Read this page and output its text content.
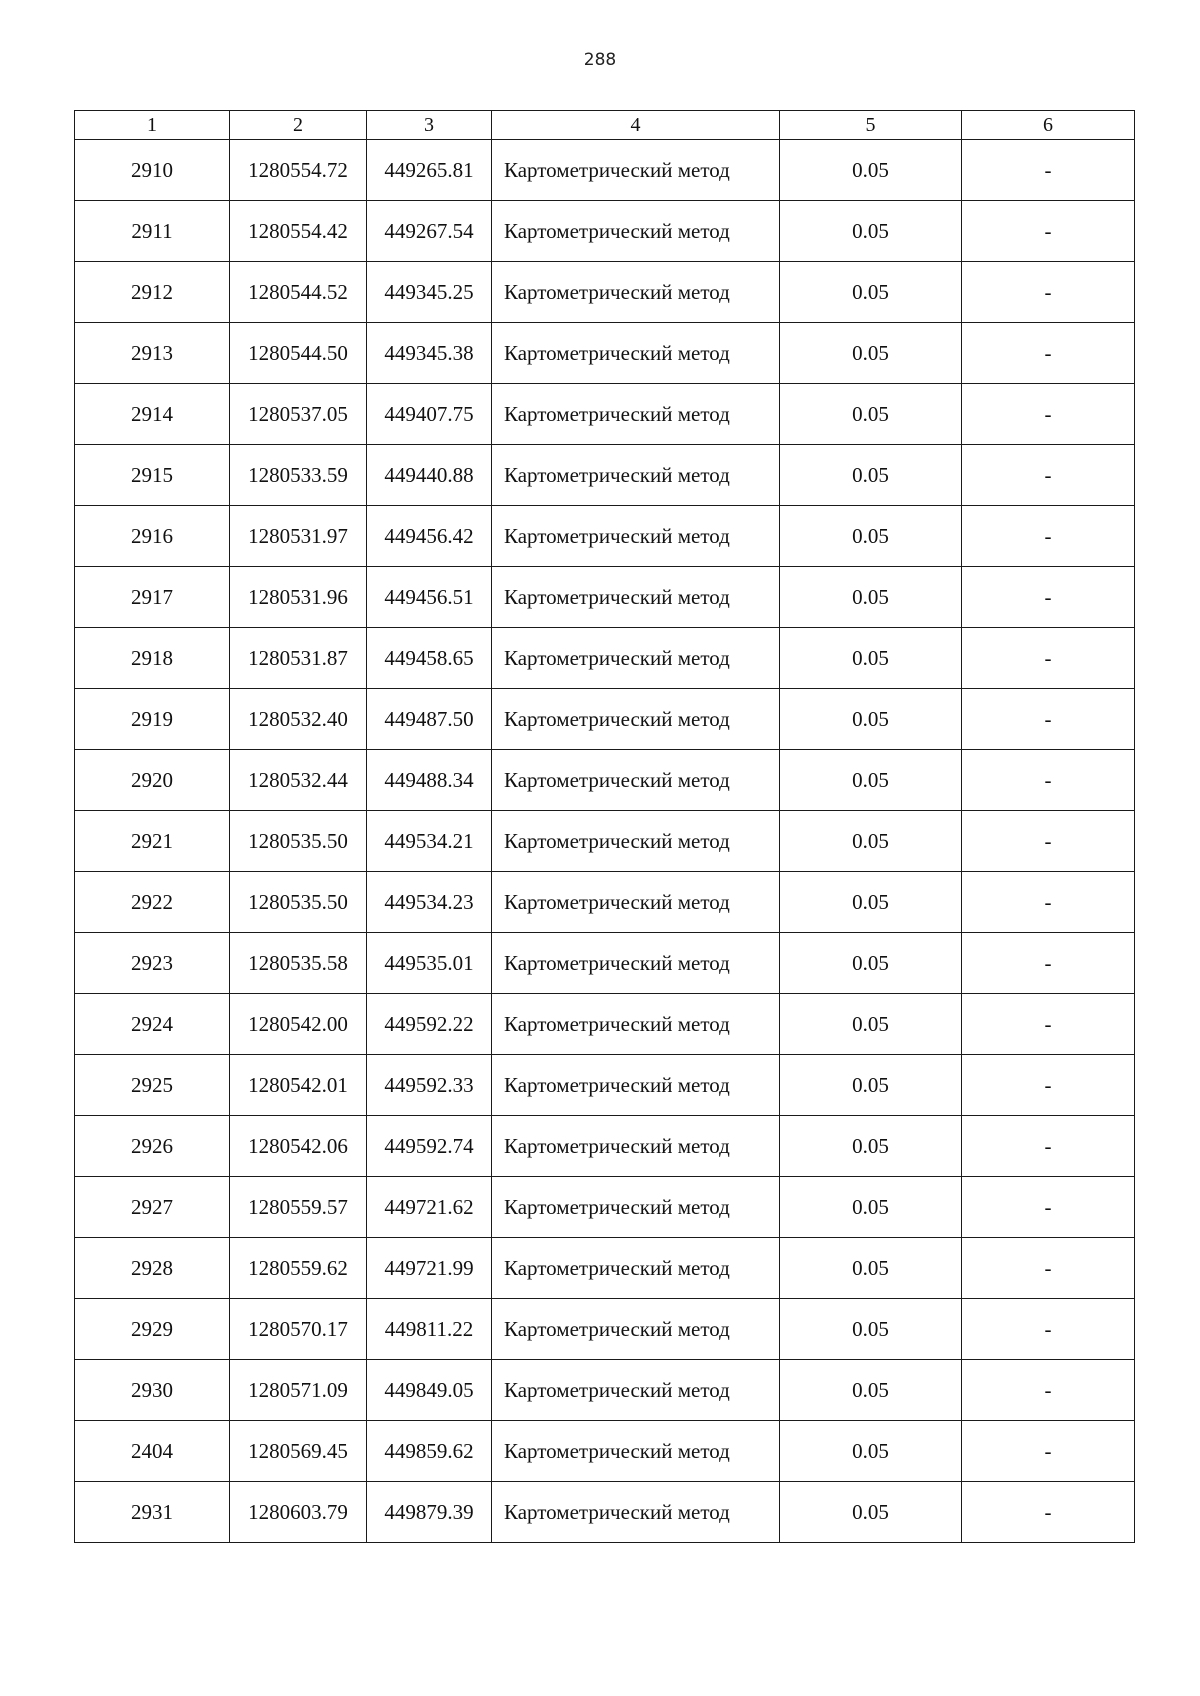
288
1	2	3	4	5	6
2910	1280554.72	449265.81	Картометрический метод	0.05	-
2911	1280554.42	449267.54	Картометрический метод	0.05	-
2912	1280544.52	449345.25	Картометрический метод	0.05	-
2913	1280544.50	449345.38	Картометрический метод	0.05	-
2914	1280537.05	449407.75	Картометрический метод	0.05	-
2915	1280533.59	449440.88	Картометрический метод	0.05	-
2916	1280531.97	449456.42	Картометрический метод	0.05	-
2917	1280531.96	449456.51	Картометрический метод	0.05	-
2918	1280531.87	449458.65	Картометрический метод	0.05	-
2919	1280532.40	449487.50	Картометрический метод	0.05	-
2920	1280532.44	449488.34	Картометрический метод	0.05	-
2921	1280535.50	449534.21	Картометрический метод	0.05	-
2922	1280535.50	449534.23	Картометрический метод	0.05	-
2923	1280535.58	449535.01	Картометрический метод	0.05	-
2924	1280542.00	449592.22	Картометрический метод	0.05	-
2925	1280542.01	449592.33	Картометрический метод	0.05	-
2926	1280542.06	449592.74	Картометрический метод	0.05	-
2927	1280559.57	449721.62	Картометрический метод	0.05	-
2928	1280559.62	449721.99	Картометрический метод	0.05	-
2929	1280570.17	449811.22	Картометрический метод	0.05	-
2930	1280571.09	449849.05	Картометрический метод	0.05	-
2404	1280569.45	449859.62	Картометрический метод	0.05	-
2931	1280603.79	449879.39	Картометрический метод	0.05	-
